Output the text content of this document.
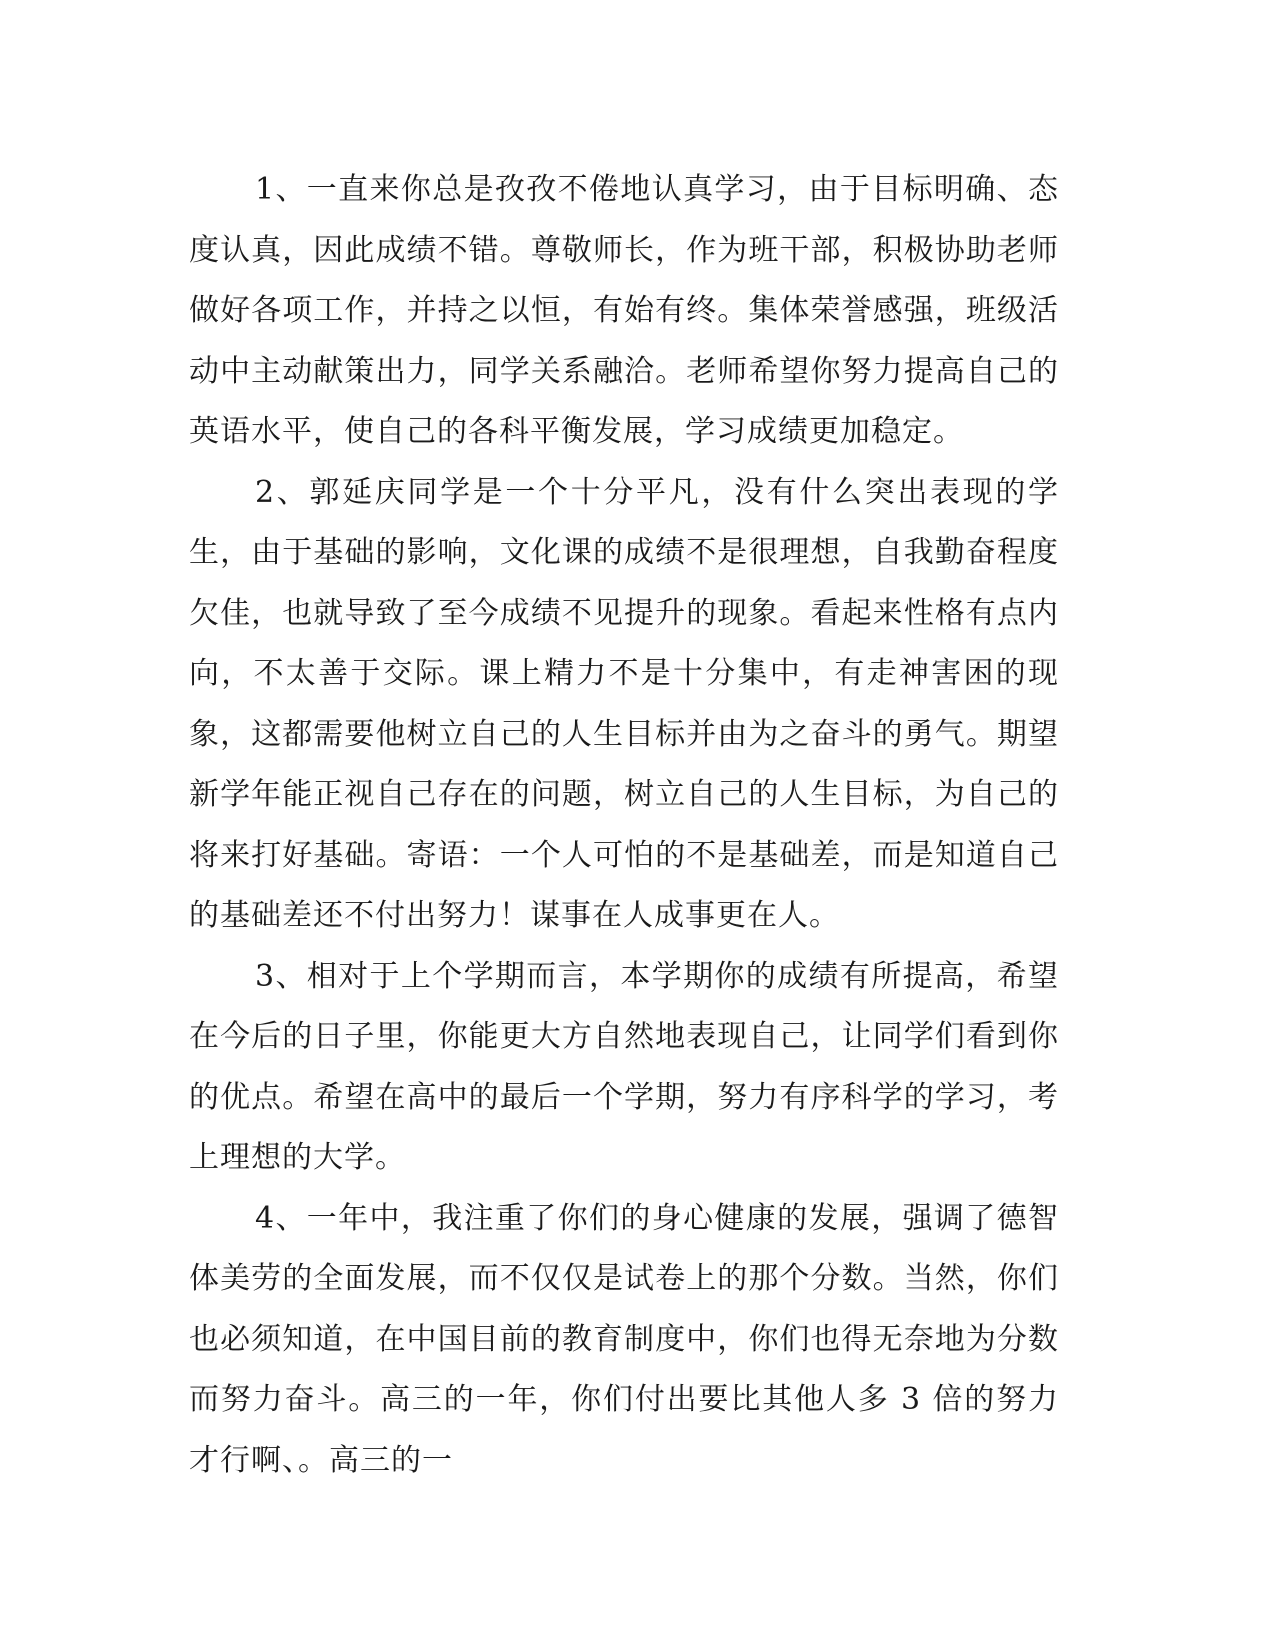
1、一直来你总是孜孜不倦地认真学习，由于目标明确、态度认真，因此成绩不错。尊敬师长，作为班干部，积极协助老师做好各项工作，并持之以恒，有始有终。集体荣誉感强，班级活动中主动献策出力，同学关系融洽。老师希望你努力提高自己的英语水平，使自己的各科平衡发展，学习成绩更加稳定。
2、郭延庆同学是一个十分平凡，没有什么突出表现的学生，由于基础的影响，文化课的成绩不是很理想，自我勤奋程度欠佳，也就导致了至今成绩不见提升的现象。看起来性格有点内向，不太善于交际。课上精力不是十分集中，有走神害困的现象，这都需要他树立自己的人生目标并由为之奋斗的勇气。期望新学年能正视自己存在的问题，树立自己的人生目标，为自己的将来打好基础。寄语：一个人可怕的不是基础差，而是知道自己的基础差还不付出努力！谋事在人成事更在人。
3、相对于上个学期而言，本学期你的成绩有所提高，希望在今后的日子里，你能更大方自然地表现自己，让同学们看到你的优点。希望在高中的最后一个学期，努力有序科学的学习，考上理想的大学。
4、一年中，我注重了你们的身心健康的发展，强调了德智体美劳的全面发展，而不仅仅是试卷上的那个分数。当然，你们也必须知道，在中国目前的教育制度中，你们也得无奈地为分数而努力奋斗。高三的一年，你们付出要比其他人多 3 倍的努力才行啊、。高三的一
